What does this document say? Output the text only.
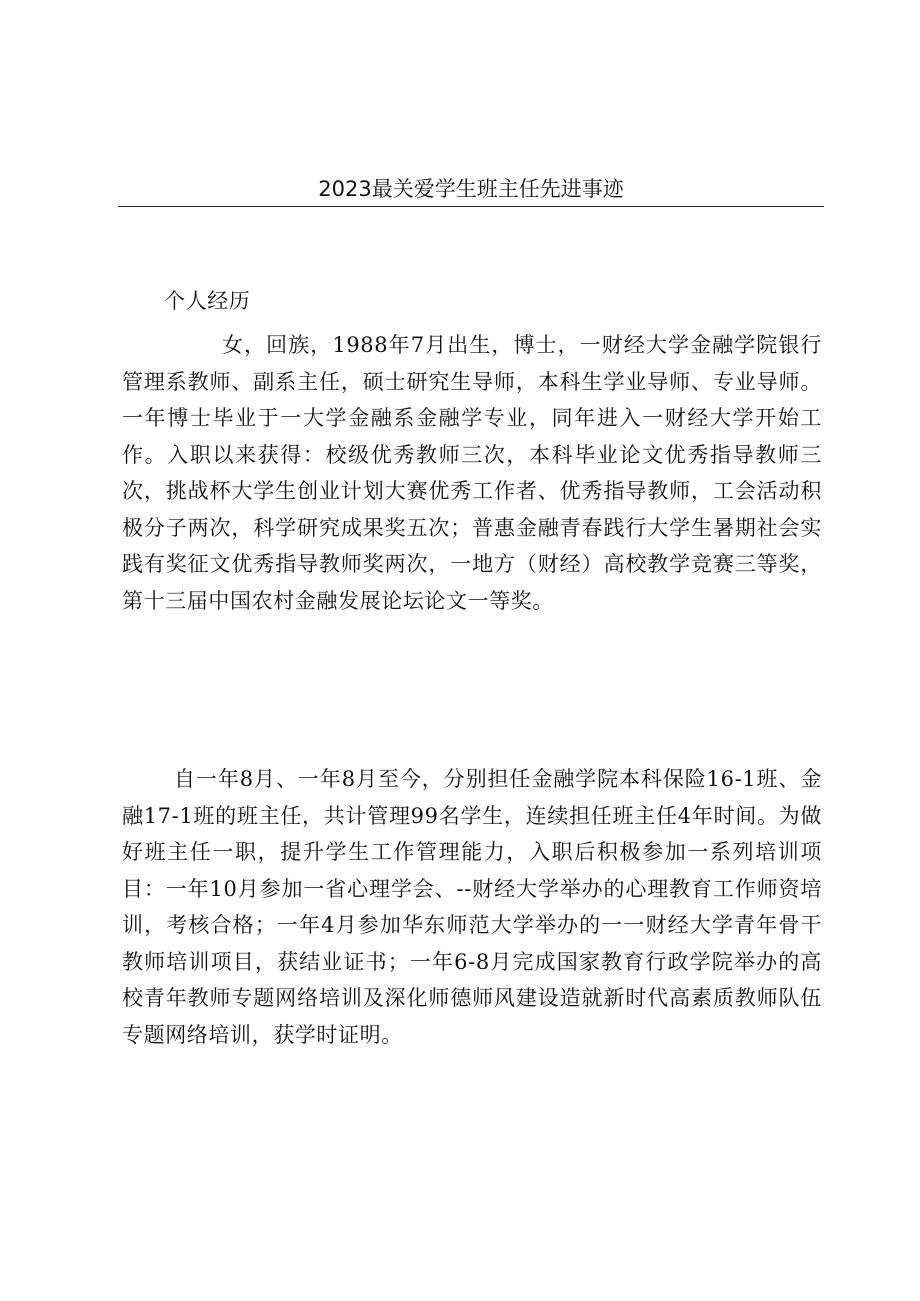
2023最关爱学生班主任先进事迹

个人经历

女，回族，1988年7月出生，博士，一财经大学金融学院银行管理系教师、副系主任，硕士研究生导师，本科生学业导师、专业导师。一年博士毕业于一大学金融系金融学专业，同年进入一财经大学开始工作。入职以来获得：校级优秀教师三次，本科毕业论文优秀指导教师三次，挑战杯大学生创业计划大赛优秀工作者、优秀指导教师，工会活动积极分子两次，科学研究成果奖五次；普惠金融青春践行大学生暑期社会实践有奖征文优秀指导教师奖两次，一地方（财经）高校教学竞赛三等奖，第十三届中国农村金融发展论坛论文一等奖。

自一年8月、一年8月至今，分别担任金融学院本科保险16-1班、金融17-1班的班主任，共计管理99名学生，连续担任班主任4年时间。为做好班主任一职，提升学生工作管理能力，入职后积极参加一系列培训项目：一年10月参加一省心理学会、--财经大学举办的心理教育工作师资培训，考核合格；一年4月参加华东师范大学举办的一一财经大学青年骨干教师培训项目，获结业证书；一年6-8月完成国家教育行政学院举办的高校青年教师专题网络培训及深化师德师风建设造就新时代高素质教师队伍专题网络培训，获学时证明。
